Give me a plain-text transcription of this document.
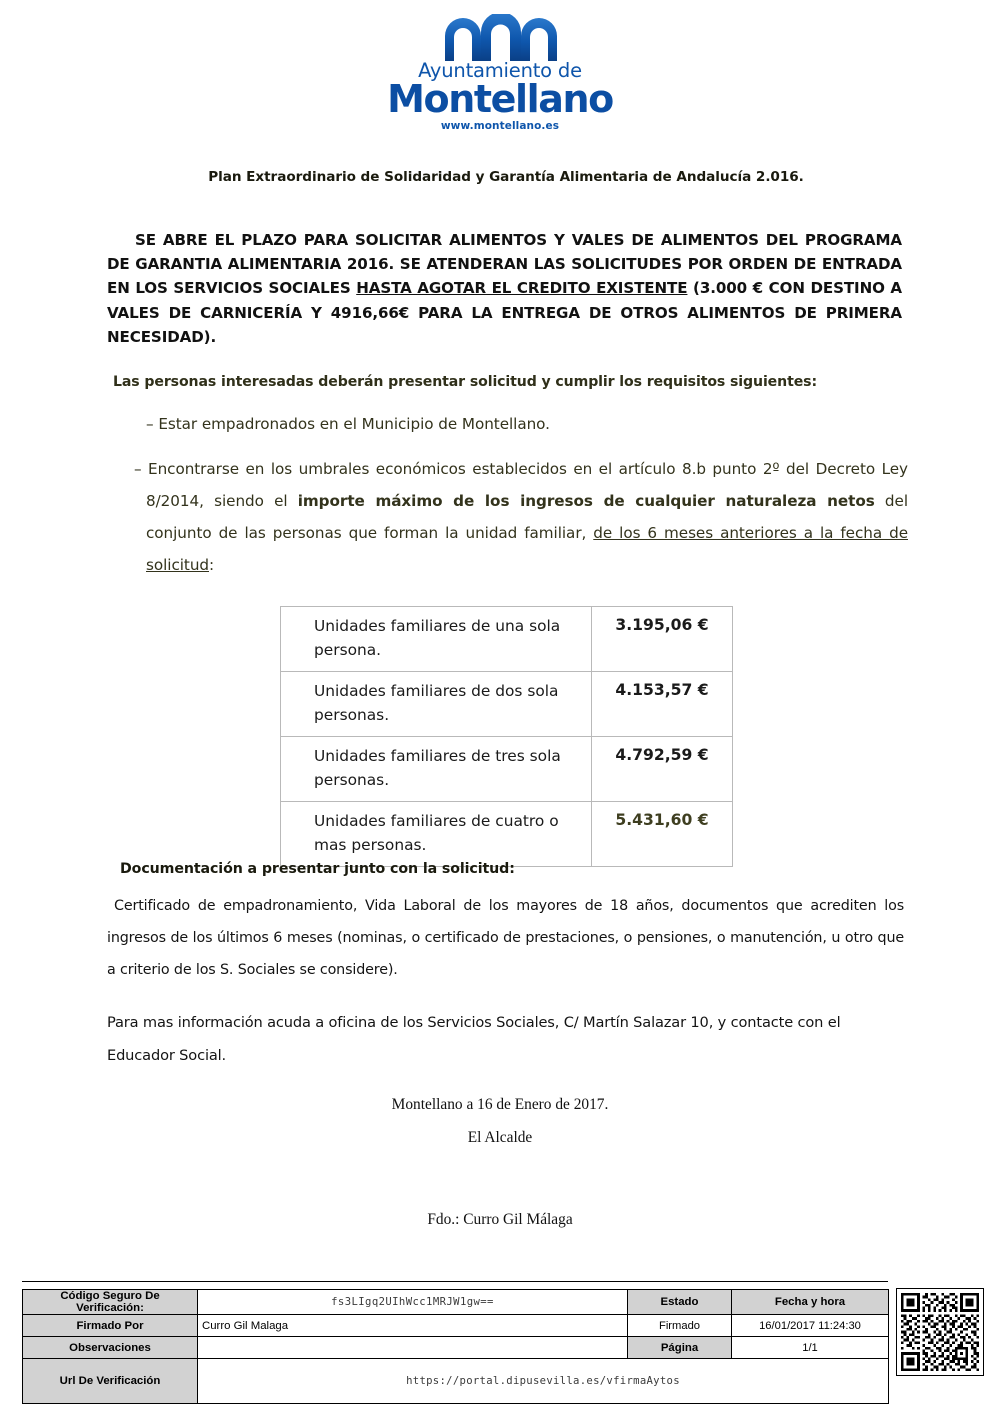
Ayuntamiento de
Montellano
www.montellano.es
Plan Extraordinario de Solidaridad y Garantía Alimentaria de Andalucía 2.016.
SE ABRE EL PLAZO PARA SOLICITAR ALIMENTOS Y VALES DE ALIMENTOS DEL PROGRAMA DE GARANTIA ALIMENTARIA 2016. SE ATENDERAN LAS SOLICITUDES POR ORDEN DE ENTRADA EN LOS SERVICIOS SOCIALES HASTA AGOTAR EL CREDITO EXISTENTE (3.000 € CON DESTINO A VALES DE CARNICERÍA Y 4916,66€ PARA LA ENTREGA DE OTROS ALIMENTOS DE PRIMERA NECESIDAD).
Las personas interesadas deberán presentar solicitud y cumplir los requisitos siguientes:
– Estar empadronados en el Municipio de Montellano.
– Encontrarse en los umbrales económicos establecidos en el artículo 8.b punto 2º del Decreto Ley 8/2014, siendo el importe máximo de los ingresos de cualquier naturaleza netos del conjunto de las personas que forman la unidad familiar, de los 6 meses anteriores a la fecha de solicitud:
Unidades familiares de una sola persona.	3.195,06 €
Unidades familiares de dos sola personas.	4.153,57 €
Unidades familiares de tres sola personas.	4.792,59 €
Unidades familiares de cuatro o mas personas.	5.431,60 €
Documentación a presentar junto con la solicitud:
Certificado de empadronamiento, Vida Laboral de los mayores de 18 años, documentos que acrediten los ingresos de los últimos 6 meses (nominas, o certificado de prestaciones, o pensiones, o manutención, u otro que a criterio de los S. Sociales se considere).
Para mas información acuda a oficina de los Servicios Sociales, C/ Martín Salazar 10, y contacte con el Educador Social.
Montellano a 16 de Enero de 2017.
El Alcalde
Fdo.: Curro Gil Málaga
Código Seguro De Verificación:	fs3LIgq2UIhWcc1MRJW1gw==	Estado	Fecha y hora
Firmado Por	Curro Gil Malaga	Firmado	16/01/2017 11:24:30
Observaciones		Página	1/1
Url De Verificación	https://portal.dipusevilla.es/vfirmaAytos		
